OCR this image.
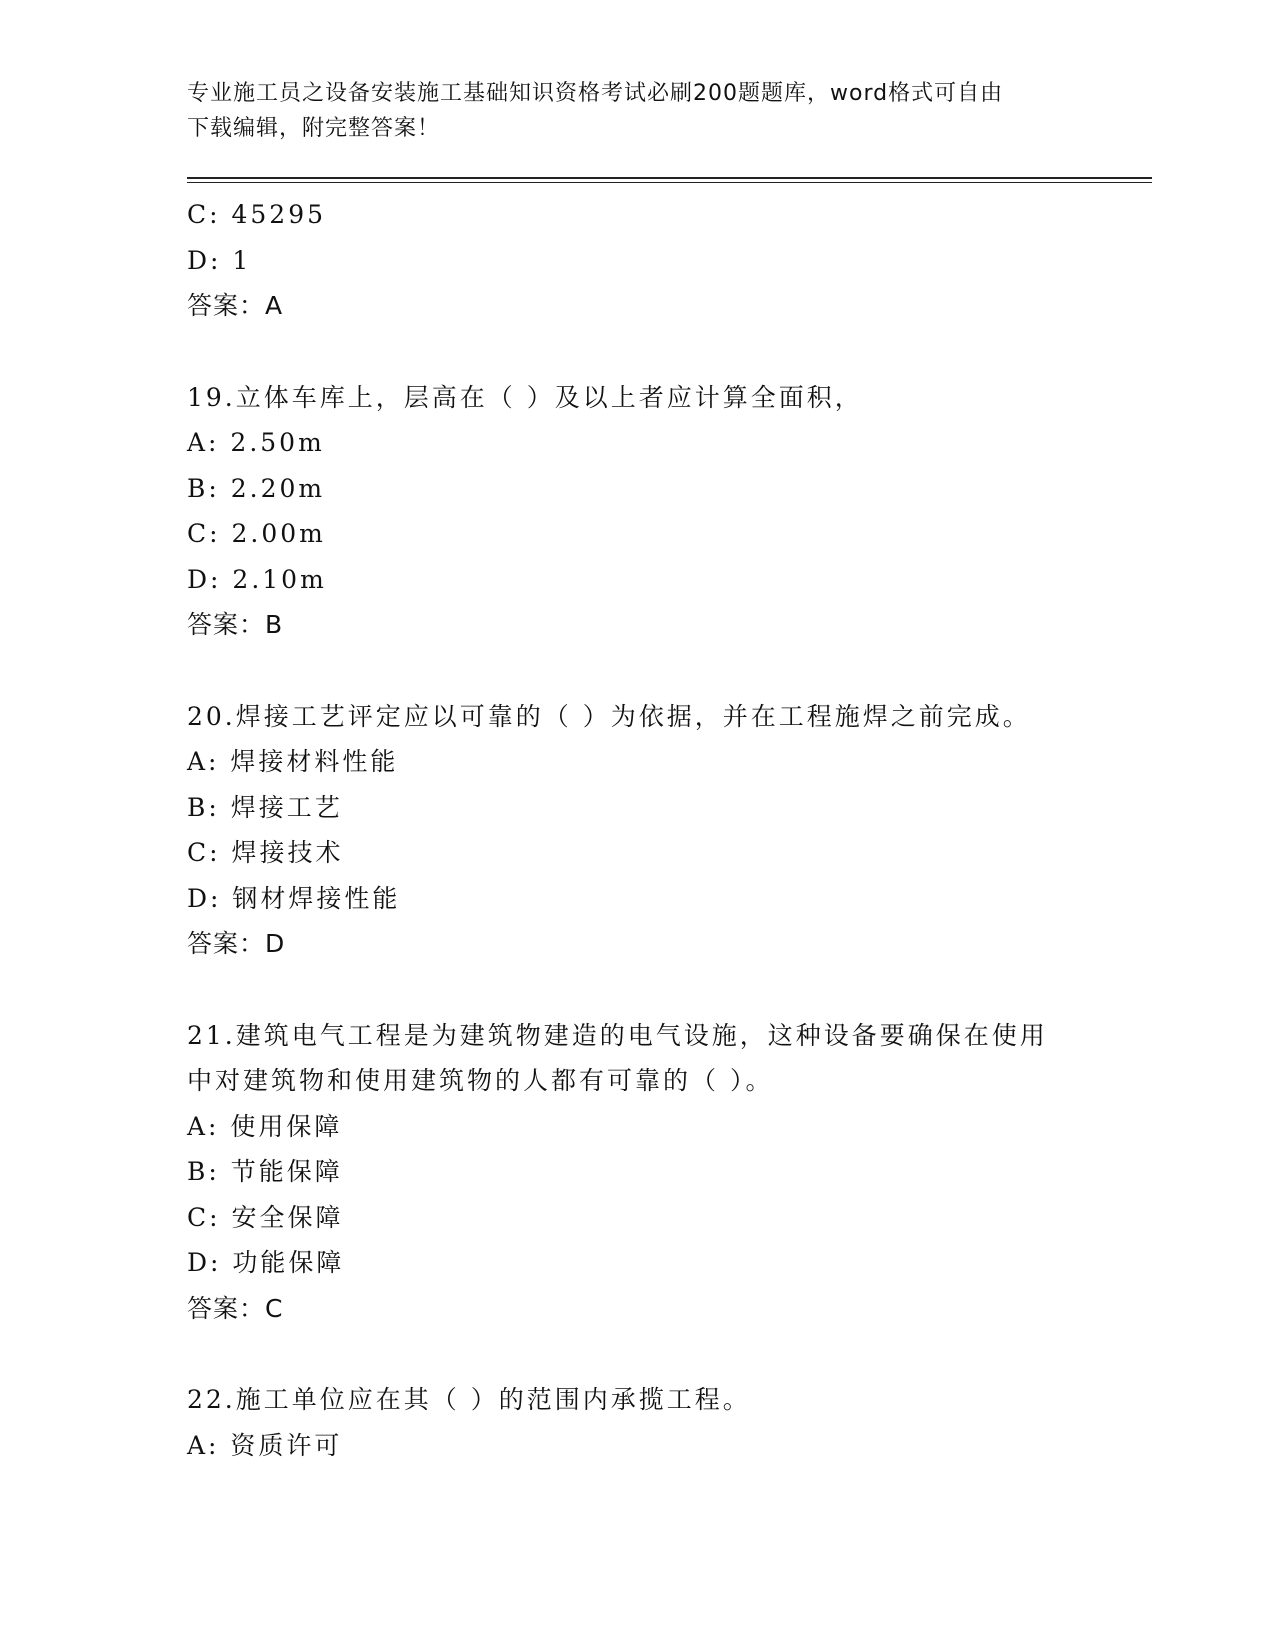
专业施工员之设备安装施工基础知识资格考试必刷200题题库，word格式可自由
下载编辑，附完整答案！
C: 45295
D: 1
答案：A
19.立体车库上，层高在（ ）及以上者应计算全面积，
A: 2.50m
B: 2.20m
C: 2.00m
D: 2.10m
答案：B
20.焊接工艺评定应以可靠的（ ）为依据，并在工程施焊之前完成。
A: 焊接材料性能
B: 焊接工艺
C: 焊接技术
D: 钢材焊接性能
答案：D
21.建筑电气工程是为建筑物建造的电气设施，这种设备要确保在使用
中对建筑物和使用建筑物的人都有可靠的（ ）。
A: 使用保障
B: 节能保障
C: 安全保障
D: 功能保障
答案：C
22.施工单位应在其（ ）的范围内承揽工程。
A: 资质许可
